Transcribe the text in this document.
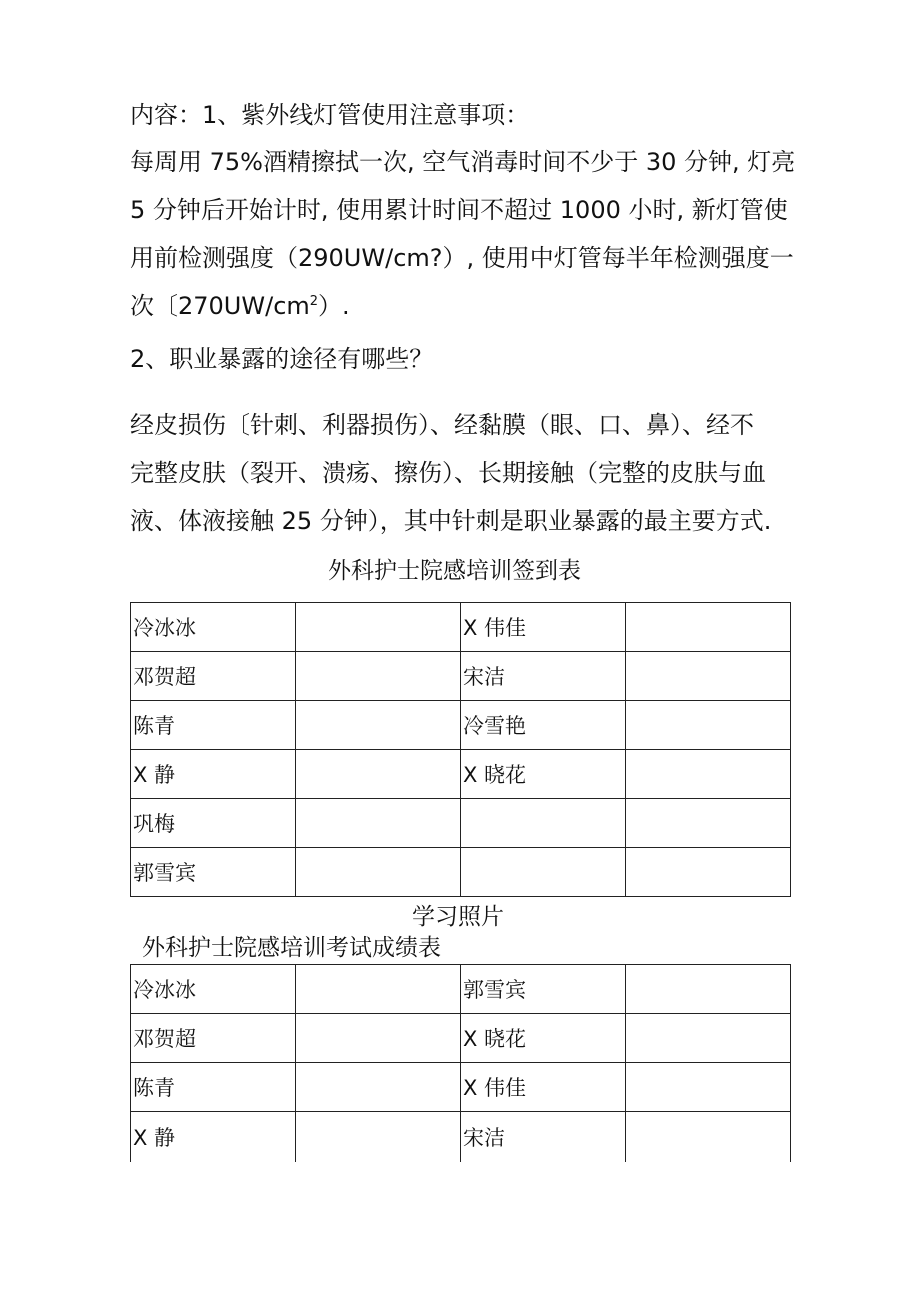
内容：1、紫外线灯管使用注意事项：
每周用 75%酒精擦拭一次, 空气消毒时间不少于 30 分钟, 灯亮
5 分钟后开始计时, 使用累计时间不超过 1000 小时, 新灯管使
用前检测强度（290UW/cm?）, 使用中灯管每半年检测强度一
次〔$270UW/cm^2$）.
2、职业暴露的途径有哪些？
经皮损伤〔针刺、利器损伤）、经黏膜（眼、口、鼻）、经不
完整皮肤（裂开、溃疡、擦伤）、长期接触（完整的皮肤与血
液、体液接触 25 分钟），其中针刺是职业暴露的最主要方式.
外科护士院感培训签到表
冷冰冰		X 伟佳	
邓贺超		宋洁	
陈青		冷雪艳	
X 静		X 晓花	
巩梅			
郭雪宾			
学习照片
外科护士院感培训考试成绩表
冷冰冰		郭雪宾	
邓贺超		X 晓花	
陈青		X 伟佳	
X 静		宋洁	
